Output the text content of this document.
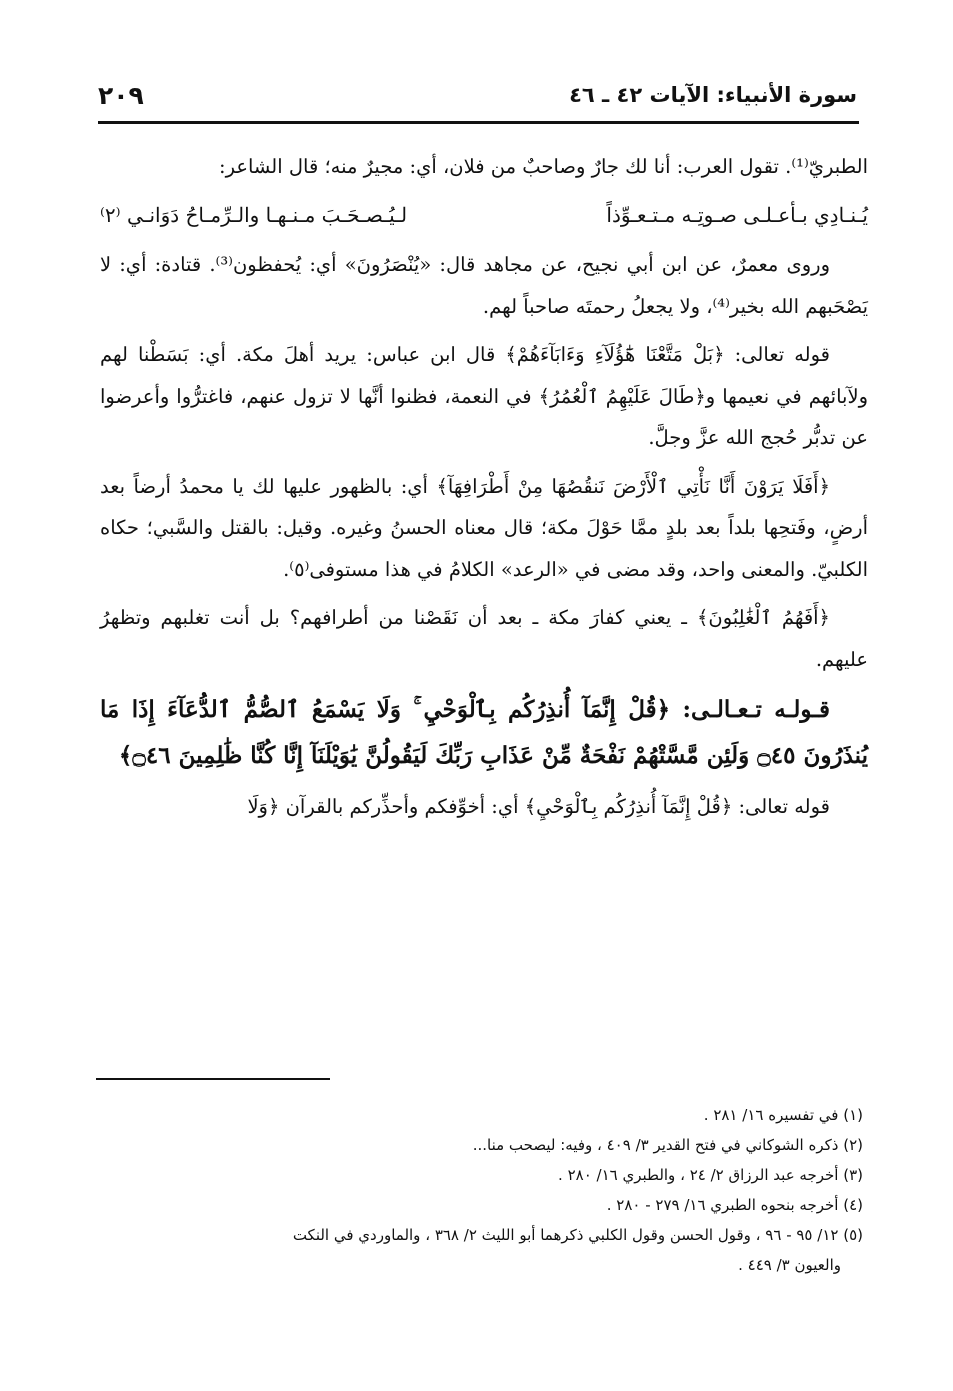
سورة الأنبياء: الآيات ٤٢ ـ ٤٦
٢٠٩

الطبريّ⁽¹⁾. تقول العرب: أنا لك جارٌ وصاحبٌ من فلان، أي: مجيرٌ منه؛ قال الشاعر:

يُـنـادِي بـأعـلـى صـوتِـه مـتـعـوِّذاً
لـيُـصـحَـبَ مـنـهـا والـرِّمـاحُ دَوَانـي ⁽٢⁾

وروى معمرٌ، عن ابن أبي نجيح، عن مجاهد قال: «يُنْصَرُونَ» أي: يُحفظون⁽³⁾. قتادة: أي: لا يَصْحَبهم الله بخير⁽⁴⁾، ولا يجعلُ رحمتَه صاحباً لهم.

قوله تعالى: ﴿بَلْ مَتَّعْنَا هَٰٓؤُلَآءِ وَءَابَآءَهُمْ﴾ قال ابن عباس: يريد أهلَ مكة. أي: بَسَطْنا لهم ولآبائهم في نعيمها و﴿طَالَ عَلَيْهِمُ ٱلْعُمُرُ﴾ في النعمة، فظنوا أنَّها لا تزول عنهم، فاغترُّوا وأعرضوا عن تدبُّر حُجج الله عزَّ وجلَّ.

﴿أَفَلَا يَرَوْنَ أَنَّا نَأْتِي ٱلْأَرْضَ نَنقُصُهَا مِنْ أَطْرَافِهَآ﴾ أي: بالظهور عليها لك يا محمدُ أرضاً بعد أرضٍ، وفَتحِها بلداً بعد بلدٍ ممَّا حَوْلَ مكة؛ قال معناه الحسنُ وغيره. وقيل: بالقتل والسَّبي؛ حكاه الكلبيّ. والمعنى واحد، وقد مضى في «الرعد» الكلامُ في هذا مستوفى⁽٥⁾.

﴿أَفَهُمُ ٱلْغَٰلِبُونَ﴾ ـ يعني كفارَ مكة ـ بعد أن نَقَصْنا من أطرافهم؟ بل أنت تغلبهم وتظهرُ عليهم.

قـولـه تـعـالـى: ﴿قُلْ إِنَّمَآ أُنذِرُكُم بِٱلْوَحْيِ ۚ وَلَا يَسْمَعُ ٱلصُّمُّ ٱلدُّعَآءَ إِذَا مَا يُنذَرُونَ ۝٤٥ وَلَئِن مَّسَّتْهُمْ نَفْحَةٌ مِّنْ عَذَابِ رَبِّكَ لَيَقُولُنَّ يَٰوَيْلَنَآ إِنَّا كُنَّا ظَٰلِمِينَ ۝٤٦﴾

قوله تعالى: ﴿قُلْ إِنَّمَآ أُنذِرُكُم بِٱلْوَحْيِ﴾ أي: أخوِّفكم وأحذِّركم بالقرآن ﴿وَلَا

(١) في تفسيره ١٦/ ٢٨١ .

(٢) ذكره الشوكاني في فتح القدير ٣/ ٤٠٩ ، وفيه: ليصحب منا...

(٣) أخرجه عبد الرزاق ٢/ ٢٤ ، والطبري ١٦/ ٢٨٠ .

(٤) أخرجه بنحوه الطبري ١٦/ ٢٧٩ - ٢٨٠ .

(٥) ١٢/ ٩٥ - ٩٦ ، وقول الحسن وقول الكلبي ذكرهما أبو الليث ٢/ ٣٦٨ ، والماوردي في النكت

والعيون ٣/ ٤٤٩ .
